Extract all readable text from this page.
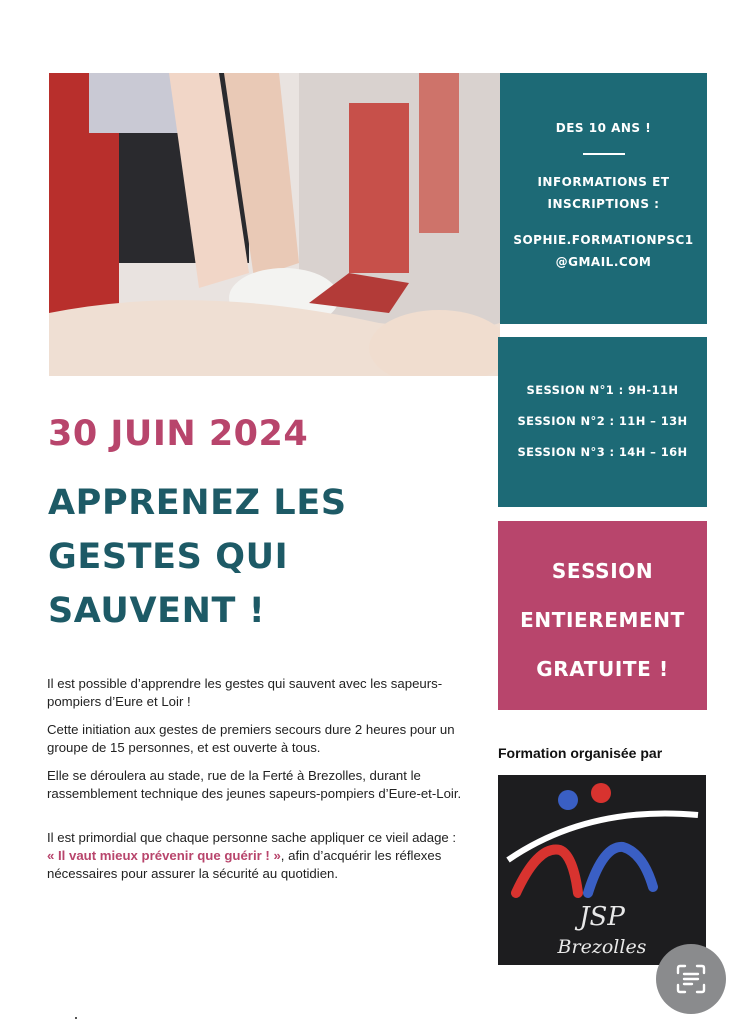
DES 10 ANS !
INFORMATIONS ET
INSCRIPTIONS :
SOPHIE.FORMATIONPSC1
@GMAIL.COM
SESSION N°1 : 9H-11H
SESSION N°2 : 11H – 13H
SESSION N°3 : 14H – 16H
SESSION
ENTIEREMENT
GRATUITE !
30 JUIN 2024
APPRENEZ LES
GESTES QUI
SAUVENT !

Il est possible d’apprendre les gestes qui sauvent avec les sapeurs-pompiers d’Eure et Loir !

Cette initiation aux gestes de premiers secours dure 2 heures pour un groupe de 15 personnes, et est ouverte à tous.

Elle se déroulera au stade, rue de la Ferté à Brezolles, durant le rassemblement technique des jeunes sapeurs-pompiers d’Eure-et-Loir.

Il est primordial que chaque personne sache appliquer ce vieil adage :
« Il vaut mieux prévenir que guérir ! », afin d’acquérir les réflexes nécessaires pour assurer la sécurité au quotidien.

Formation organisée par

JSP
Brezolles
